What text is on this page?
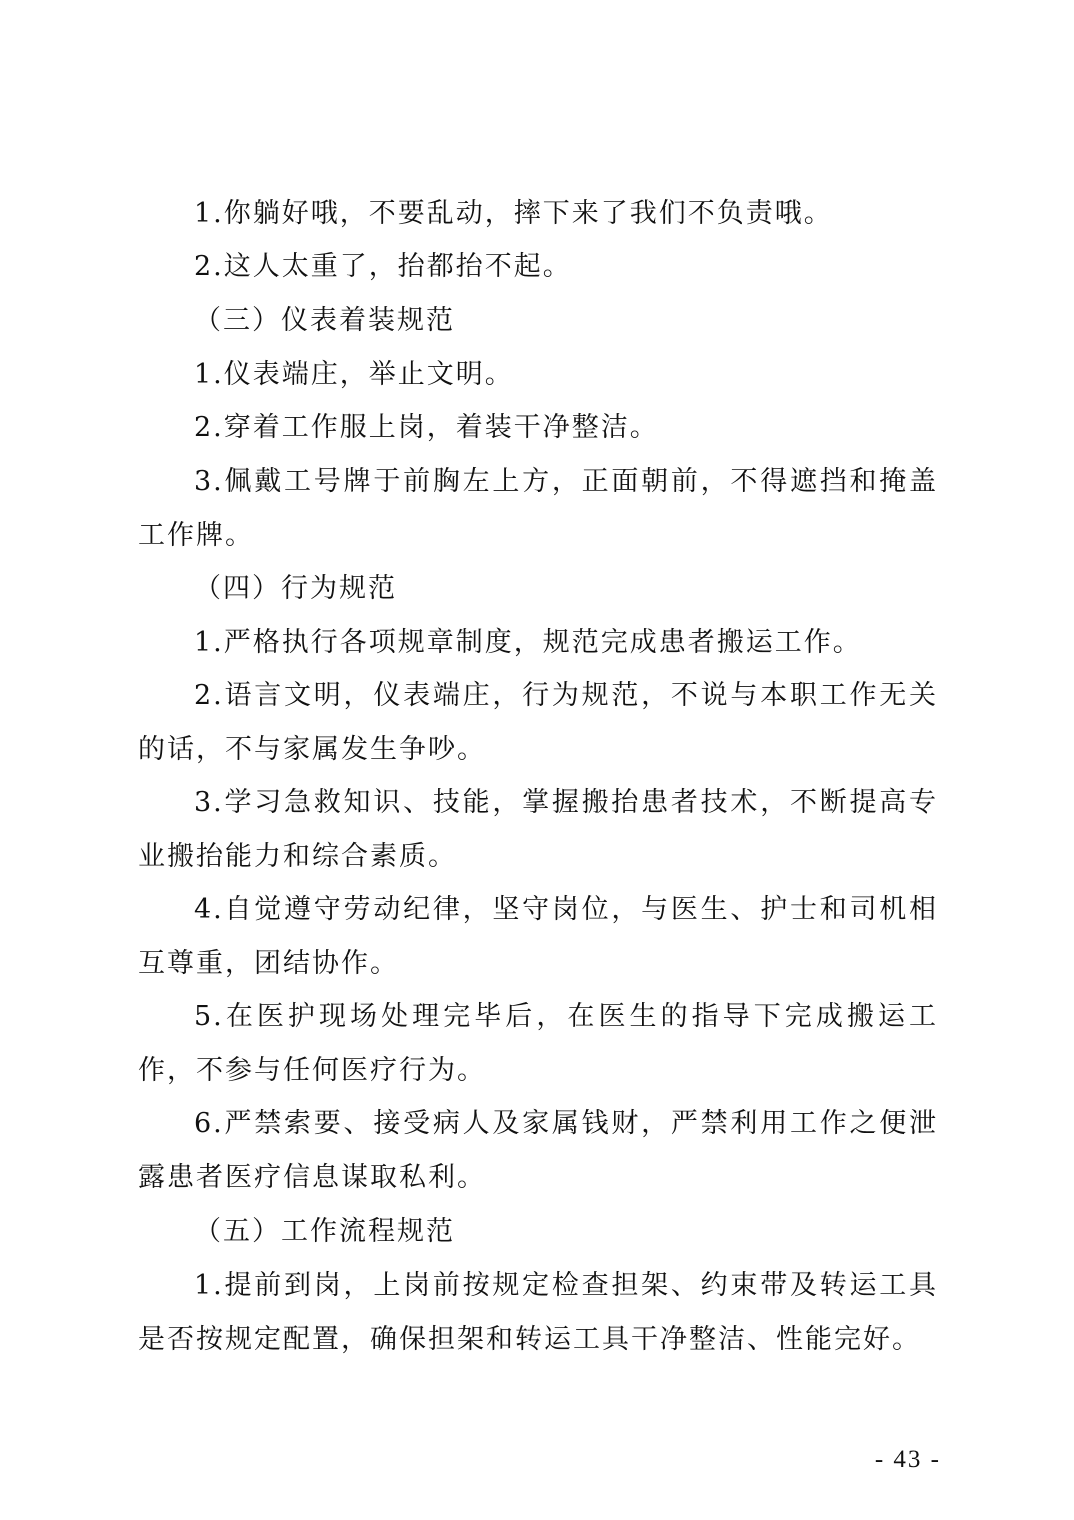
1.你躺好哦，不要乱动，摔下来了我们不负责哦。

2.这人太重了，抬都抬不起。

（三）仪表着装规范

1.仪表端庄，举止文明。

2.穿着工作服上岗，着装干净整洁。

3.佩戴工号牌于前胸左上方，正面朝前，不得遮挡和掩盖工作牌。

（四）行为规范

1.严格执行各项规章制度，规范完成患者搬运工作。

2.语言文明，仪表端庄，行为规范，不说与本职工作无关的话，不与家属发生争吵。

3.学习急救知识、技能，掌握搬抬患者技术，不断提高专业搬抬能力和综合素质。

4.自觉遵守劳动纪律，坚守岗位，与医生、护士和司机相互尊重，团结协作。

5.在医护现场处理完毕后，在医生的指导下完成搬运工作，不参与任何医疗行为。

6.严禁索要、接受病人及家属钱财，严禁利用工作之便泄露患者医疗信息谋取私利。

（五）工作流程规范

1.提前到岗，上岗前按规定检查担架、约束带及转运工具是否按规定配置，确保担架和转运工具干净整洁、性能完好。

- 43 -
